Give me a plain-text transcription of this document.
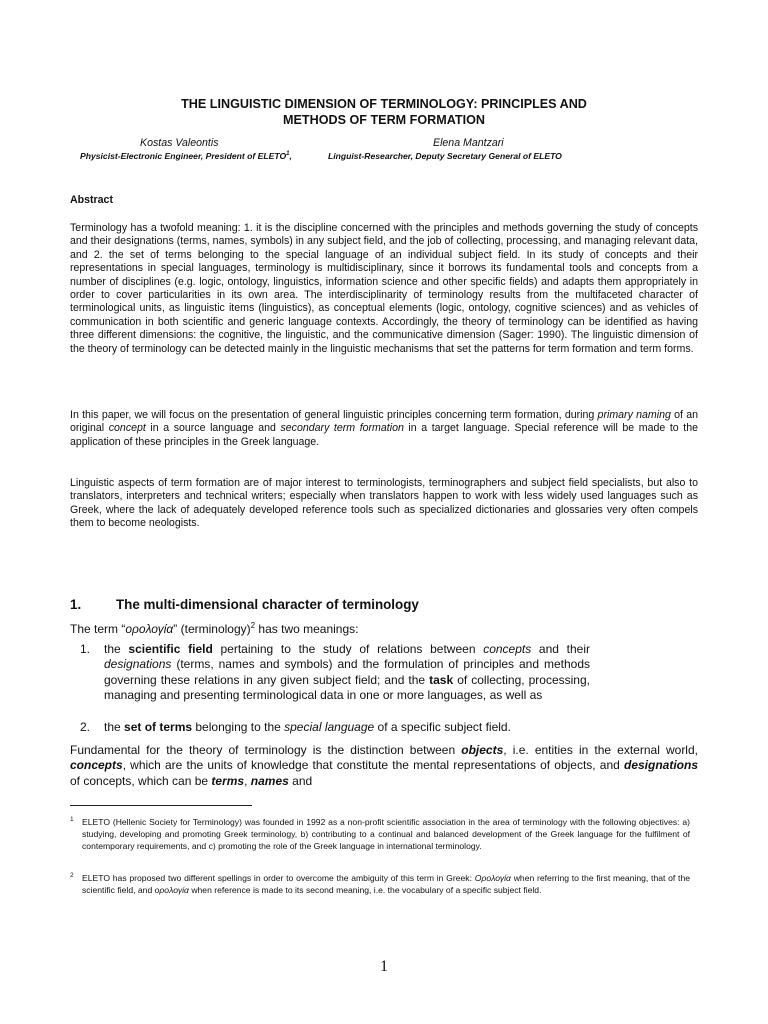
THE LINGUISTIC DIMENSION OF TERMINOLOGY: PRINCIPLES AND
METHODS OF TERM FORMATION
Kostas Valeontis	Elena Mantzari
Physicist-Electronic Engineer, President of ELETO$^1$,	Linguist-Researcher, Deputy Secretary General of ELETO
Abstract
Terminology has a twofold meaning: 1. it is the discipline concerned with the principles and methods governing the study of concepts and their designations (terms, names, symbols) in any subject field, and the job of collecting, processing, and managing relevant data, and 2. the set of terms belonging to the special language of an individual subject field. In its study of concepts and their representations in special languages, terminology is multidisciplinary, since it borrows its fundamental tools and concepts from a number of disciplines (e.g. logic, ontology, linguistics, information science and other specific fields) and adapts them appropriately in order to cover particularities in its own area. The interdisciplinarity of terminology results from the multifaceted character of terminological units, as linguistic items (linguistics), as conceptual elements (logic, ontology, cognitive sciences) and as vehicles of communication in both scientific and generic language contexts. Accordingly, the theory of terminology can be identified as having three different dimensions: the cognitive, the linguistic, and the communicative dimension (Sager: 1990). The linguistic dimension of the theory of terminology can be detected mainly in the linguistic mechanisms that set the patterns for term formation and term forms.
In this paper, we will focus on the presentation of general linguistic principles concerning term formation, during primary naming of an original concept in a source language and secondary term formation in a target language. Special reference will be made to the application of these principles in the Greek language.
Linguistic aspects of term formation are of major interest to terminologists, terminographers and subject field specialists, but also to translators, interpreters and technical writers; especially when translators happen to work with less widely used languages such as Greek, where the lack of adequately developed reference tools such as specialized dictionaries and glossaries very often compels them to become neologists.
1.	The multi-dimensional character of terminology
The term “ορολογία” (terminology)$^2$ has two meanings:
1. the scientific field pertaining to the study of relations between concepts and their designations (terms, names and symbols) and the formulation of principles and methods governing these relations in any given subject field; and the task of collecting, processing, managing and presenting terminological data in one or more languages, as well as
2. the set of terms belonging to the special language of a specific subject field.
Fundamental for the theory of terminology is the distinction between objects, i.e. entities in the external world, concepts, which are the units of knowledge that constitute the mental representations of objects, and designations of concepts, which can be terms, names and
1 ELETO (Hellenic Society for Terminology) was founded in 1992 as a non-profit scientific association in the area of terminology with the following objectives: a) studying, developing and promoting Greek terminology, b) contributing to a continual and balanced development of the Greek language for the fulfilment of contemporary requirements, and c) promoting the role of the Greek language in international terminology.
2 ELETO has proposed two different spellings in order to overcome the ambiguity of this term in Greek: Ορολογία when referring to the first meaning, that of the scientific field, and ορολογία when reference is made to its second meaning, i.e. the vocabulary of a specific subject field.
1
